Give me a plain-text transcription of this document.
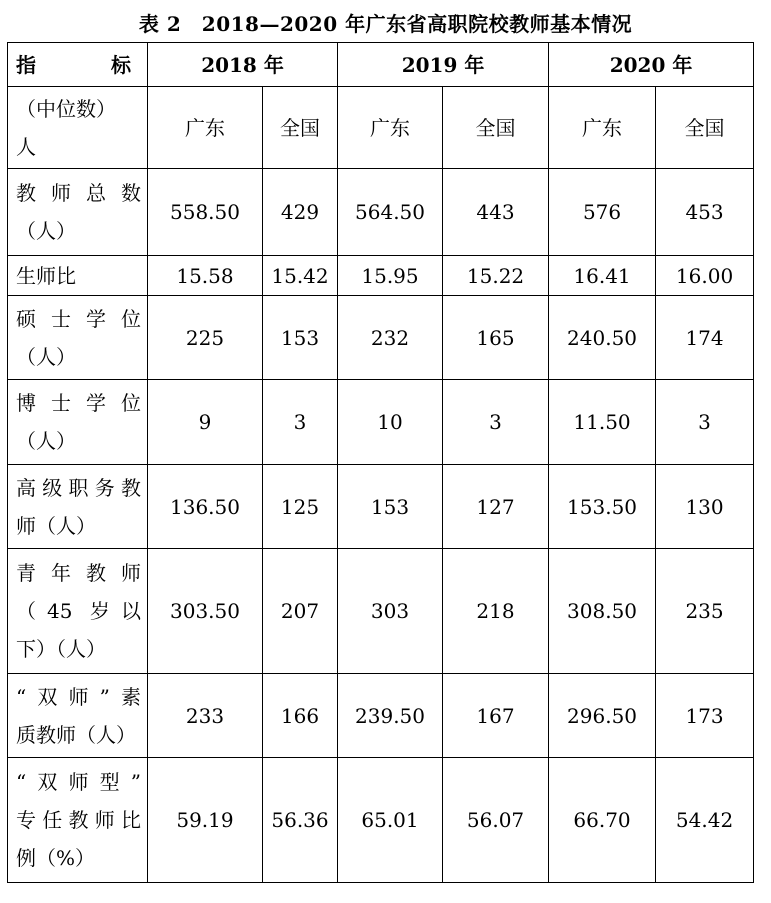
表 2　2018—2020 年广东省高职院校教师基本情况
指 标	2018 年		2019 年		2020 年	

（中位数）
人	广东	全国	广东	全国	广东	全国

教师总数
（人）	558.50	429	564.50	443	576	453

生师比	15.58	15.42	15.95	15.22	16.41	16.00

硕士学位
（人）	225	153	232	165	240.50	174

博士学位
（人）	9	3	10	3	11.50	3

高级职务教
师（人）	136.50	125	153	127	153.50	130

青年教师
（45 岁以
下）（人）	303.50	207	303	218	308.50	235

“双师”素
质教师（人）	233	166	239.50	167	296.50	173

“双师型”
专任教师比
例（%）	59.19	56.36	65.01	56.07	66.70	54.42
